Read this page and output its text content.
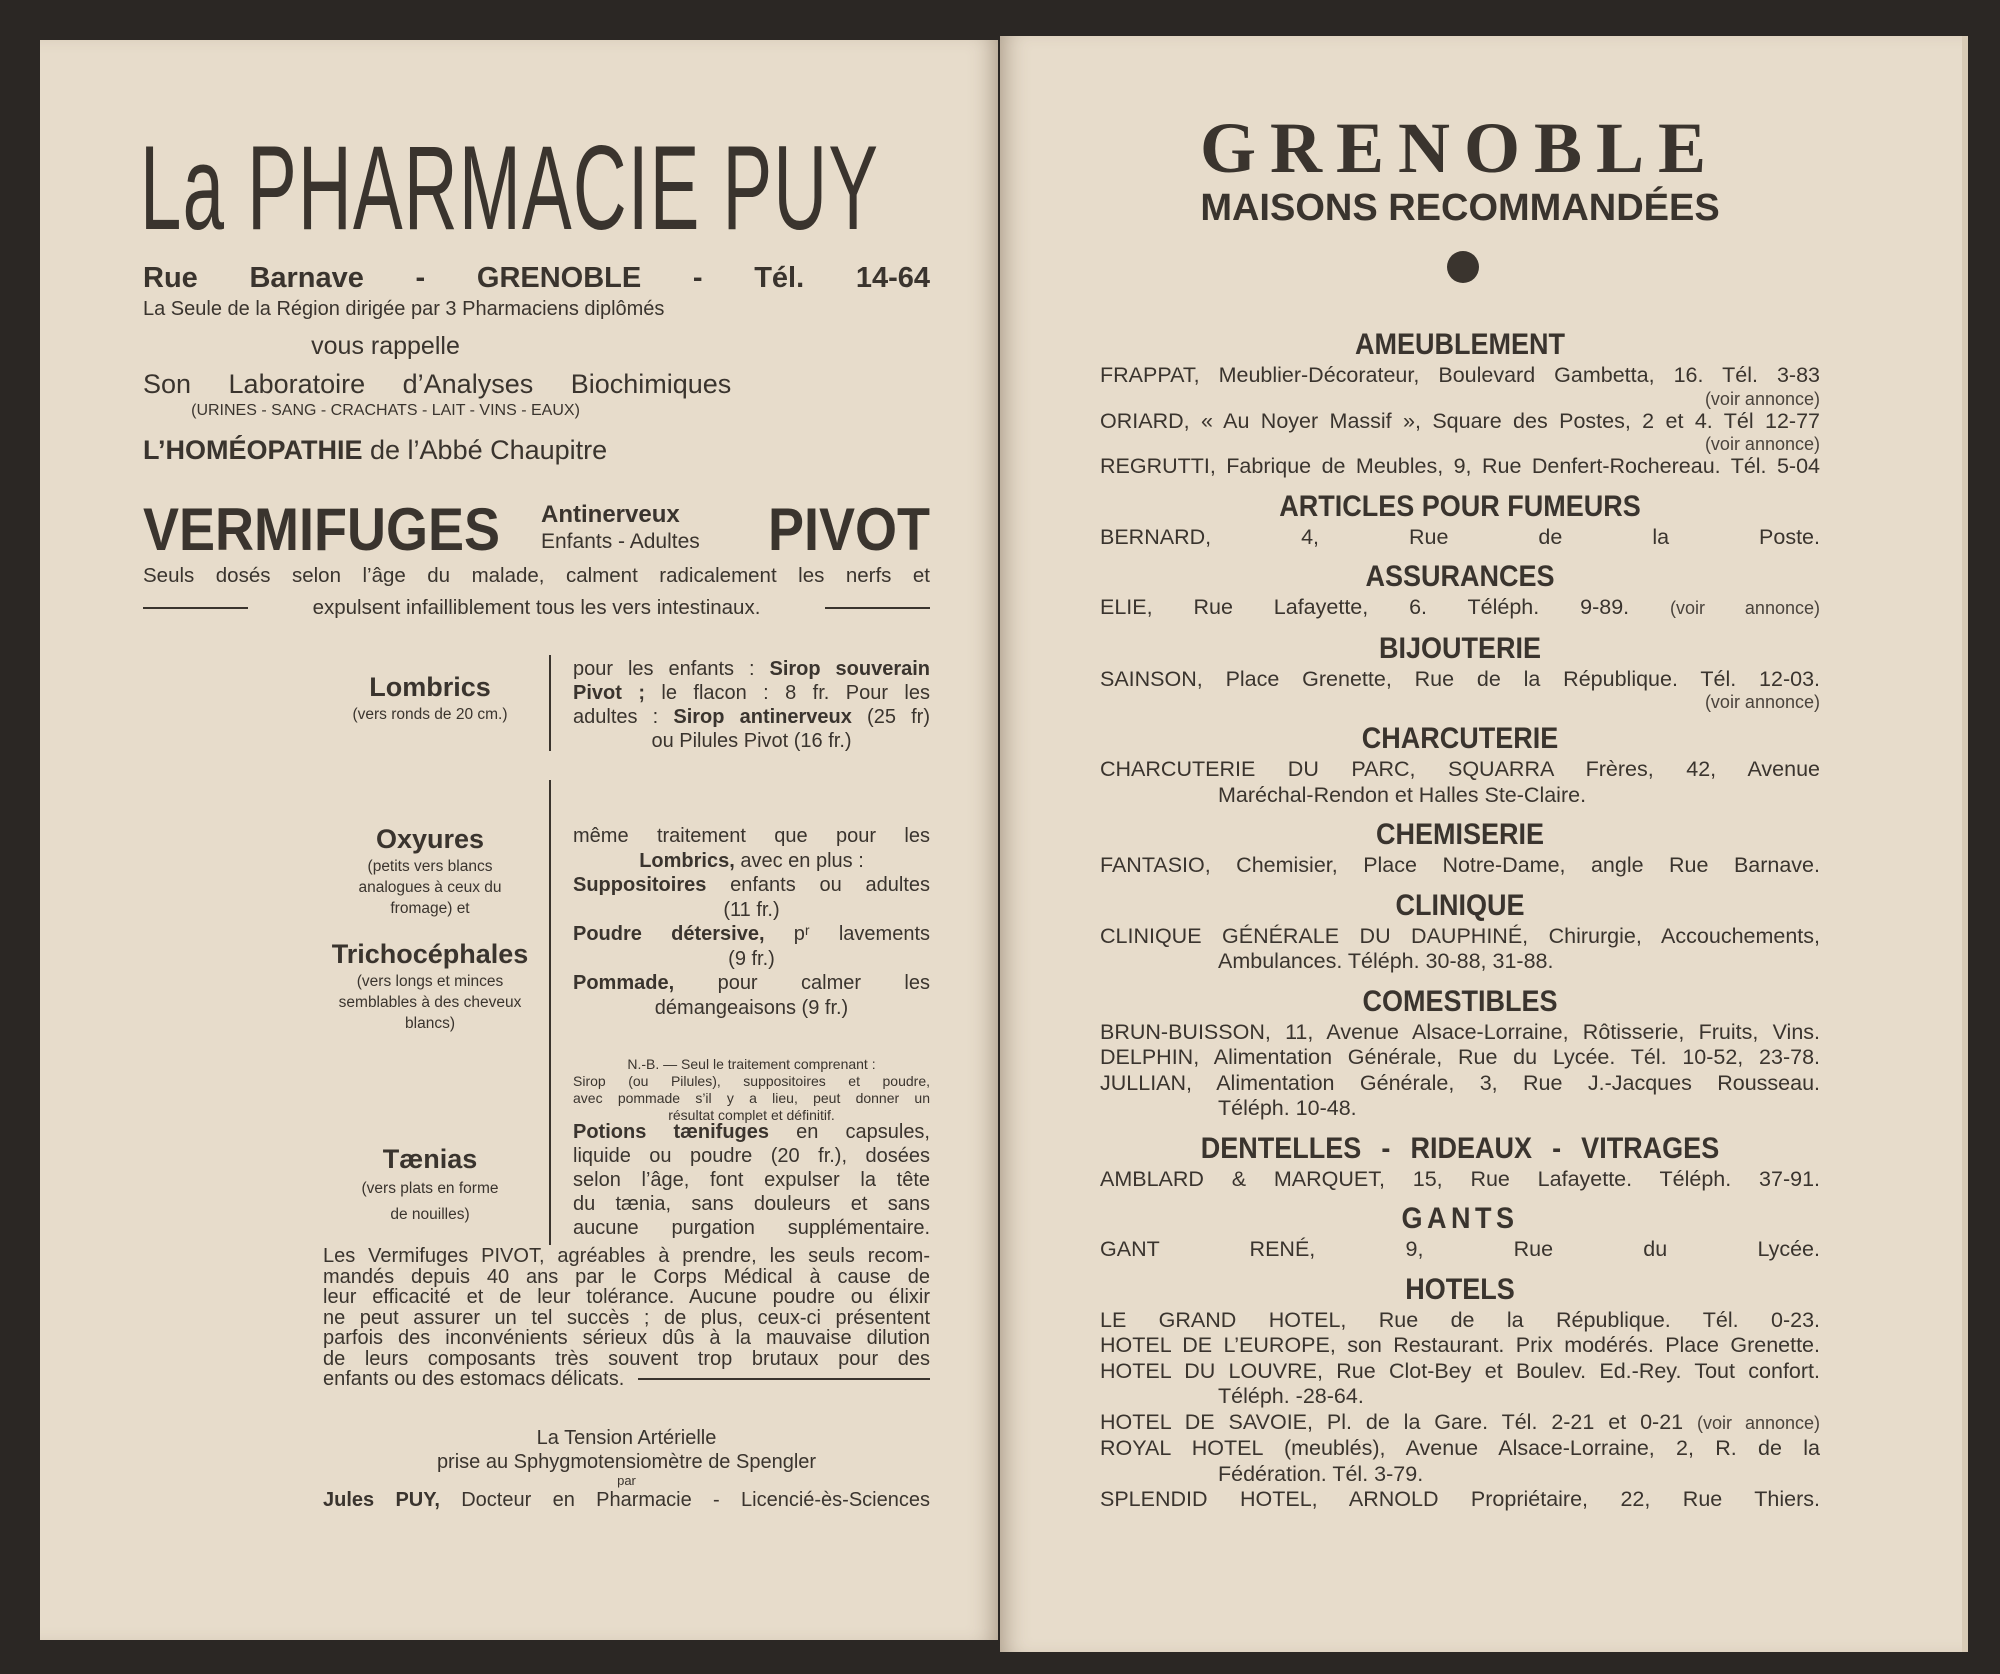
La PHARMACIE PUY
Rue Barnave - GRENOBLE - Tél. 14-64
La Seule de la Région dirigée par 3 Pharmaciens diplômés
vous rappelle
Son Laboratoire d’Analyses Biochimiques
(URINES - SANG - CRACHATS - LAIT - VINS - EAUX)
L’HOMÉOPATHIE de l’Abbé Chaupitre
VERMIFUGES Antinerveux
Enfants - Adultes PIVOT
Seuls dosés selon l’âge du malade, calment radicalement les nerfs et
expulsent infailliblement tous les vers intestinaux.
Lombrics
(vers ronds de 20 cm.)

pour les enfants : Sirop souverain

Pivot ; le flacon : 8 fr. Pour les

adultes : Sirop antinerveux (25 fr)

ou Pilules Pivot (16 fr.)

Oxyures
(petits vers blancs
analogues à ceux du
fromage) et
Trichocéphales
(vers longs et minces
semblables à des cheveux
blancs)

même traitement que pour les

Lombrics, avec en plus :

Suppositoires enfants ou adultes

(11 fr.)

Poudre détersive, pʳ lavements

(9 fr.)

Pommade, pour calmer les

démangeaisons (9 fr.)

N.-B. — Seul le traitement comprenant :

Sirop (ou Pilules), suppositoires et poudre,

avec pommade s’il y a lieu, peut donner un

résultat complet et définitif.

Tænias
(vers plats en forme
de nouilles)

Potions tænifuges en capsules,

liquide ou poudre (20 fr.), dosées

selon l’âge, font expulser la tête

du tænia, sans douleurs et sans

aucune purgation supplémentaire.

Les Vermifuges PIVOT, agréables à prendre, les seuls recom-

mandés depuis 40 ans par le Corps Médical à cause de

leur efficacité et de leur tolérance. Aucune poudre ou élixir

ne peut assurer un tel succès ; de plus, ceux-ci présentent

parfois des inconvénients sérieux dûs à la mauvaise dilution

de leurs composants très souvent trop brutaux pour des

enfants ou des estomacs délicats.

La Tension Artérielle
prise au Sphygmotensiomètre de Spengler
par
Jules PUY, Docteur en Pharmacie - Licencié-ès-Sciences
GRENOBLE
MAISONS RECOMMANDÉES
AMEUBLEMENT
FRAPPAT, Meublier-Décorateur, Boulevard Gambetta, 16. Tél. 3-83
(voir annonce)
ORIARD, « Au Noyer Massif », Square des Postes, 2 et 4. Tél 12-77
(voir annonce)
REGRUTTI, Fabrique de Meubles, 9, Rue Denfert-Rochereau. Tél. 5-04
ARTICLES POUR FUMEURS
BERNARD, 4, Rue de la Poste.
ASSURANCES
ELIE, Rue Lafayette, 6. Téléph. 9-89. (voir annonce)
BIJOUTERIE
SAINSON, Place Grenette, Rue de la République. Tél. 12-03.
(voir annonce)
CHARCUTERIE
CHARCUTERIE DU PARC, SQUARRA Frères, 42, Avenue
Maréchal-Rendon et Halles Ste-Claire.
CHEMISERIE
FANTASIO, Chemisier, Place Notre-Dame, angle Rue Barnave.
CLINIQUE
CLINIQUE GÉNÉRALE DU DAUPHINÉ, Chirurgie, Accouchements,
Ambulances. Téléph. 30-88, 31-88.
COMESTIBLES
BRUN-BUISSON, 11, Avenue Alsace-Lorraine, Rôtisserie, Fruits, Vins.
DELPHIN, Alimentation Générale, Rue du Lycée. Tél. 10-52, 23-78.
JULLIAN, Alimentation Générale, 3, Rue J.-Jacques Rousseau.
Téléph. 10-48.
DENTELLES - RIDEAUX - VITRAGES
AMBLARD & MARQUET, 15, Rue Lafayette. Téléph. 37-91.
GANTS
GANT RENÉ, 9, Rue du Lycée.
HOTELS
LE GRAND HOTEL, Rue de la République. Tél. 0-23.
HOTEL DE L’EUROPE, son Restaurant. Prix modérés. Place Grenette.
HOTEL DU LOUVRE, Rue Clot-Bey et Boulev. Ed.-Rey. Tout confort.
Téléph. -28-64.
HOTEL DE SAVOIE, Pl. de la Gare. Tél. 2-21 et 0-21 (voir annonce)
ROYAL HOTEL (meublés), Avenue Alsace-Lorraine, 2, R. de la
Fédération. Tél. 3-79.
SPLENDID HOTEL, ARNOLD Propriétaire, 22, Rue Thiers.
